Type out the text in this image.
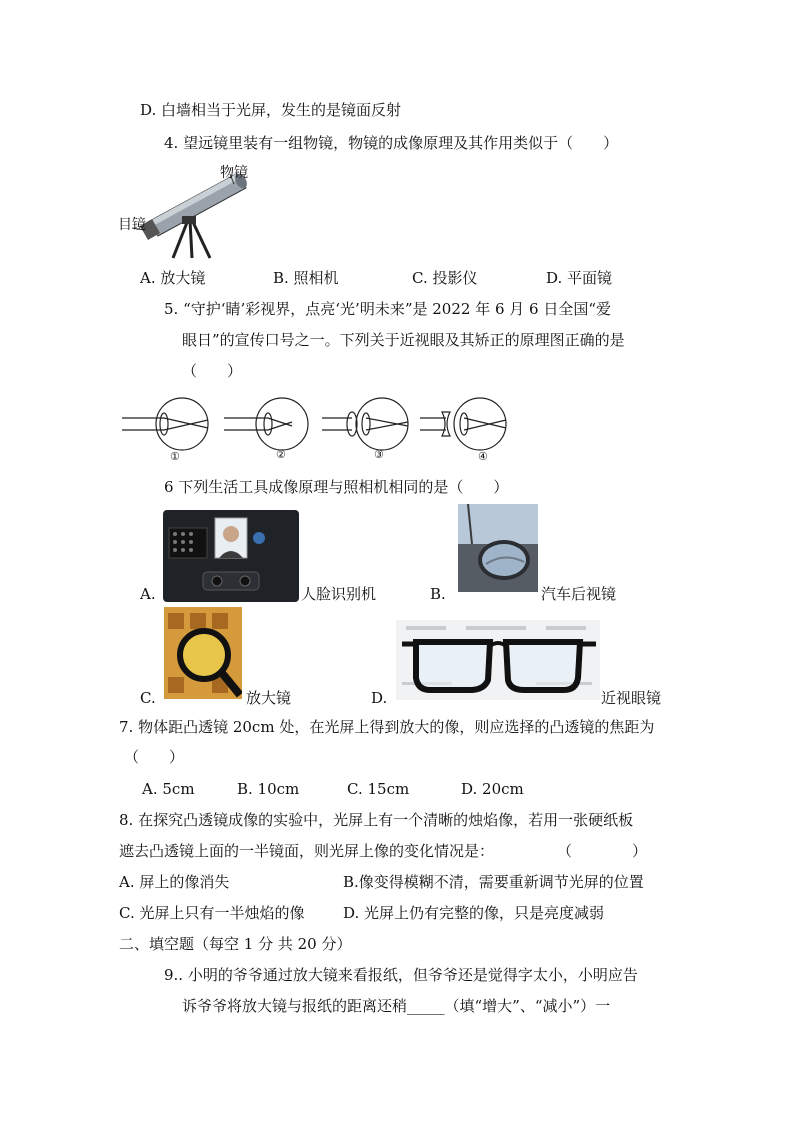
D. 白墙相当于光屏，发生的是镜面反射
4. 望远镜里装有一组物镜，物镜的成像原理及其作用类似于（　　）
物镜
目镜
A. 放大镜	B. 照相机	C. 投影仪	D. 平面镜
5. “守护‘睛’彩视界，点亮‘光’明未来”是 2022 年 6 月 6 日全国“爱
眼日”的宣传口号之一。下列关于近视眼及其矫正的原理图正确的是
（　　）
①	②	③	④
6 下列生活工具成像原理与照相机相同的是（　　）
A.	人脸识别机	B.	汽车后视镜
C.	放大镜	D.	近视眼镜
7. 物体距凸透镜 20cm 处，在光屏上得到放大的像，则应选择的凸透镜的焦距为
（　　）
A. 5cm	B. 10cm	C. 15cm	D. 20cm
8. 在探究凸透镜成像的实验中，光屏上有一个清晰的烛焰像，若用一张硬纸板
遮去凸透镜上面的一半镜面，则光屏上像的变化情况是：	（　　　　）
A. 屏上的像消失	B.像变得模糊不清，需要重新调节光屏的位置
C. 光屏上只有一半烛焰的像	D. 光屏上仍有完整的像，只是亮度减弱
二、填空题（每空 1 分 共 20 分）
9.. 小明的爷爷通过放大镜来看报纸，但爷爷还是觉得字太小，小明应告
诉爷爷将放大镜与报纸的距离还稍_____（填“增大”、“减小”）一
